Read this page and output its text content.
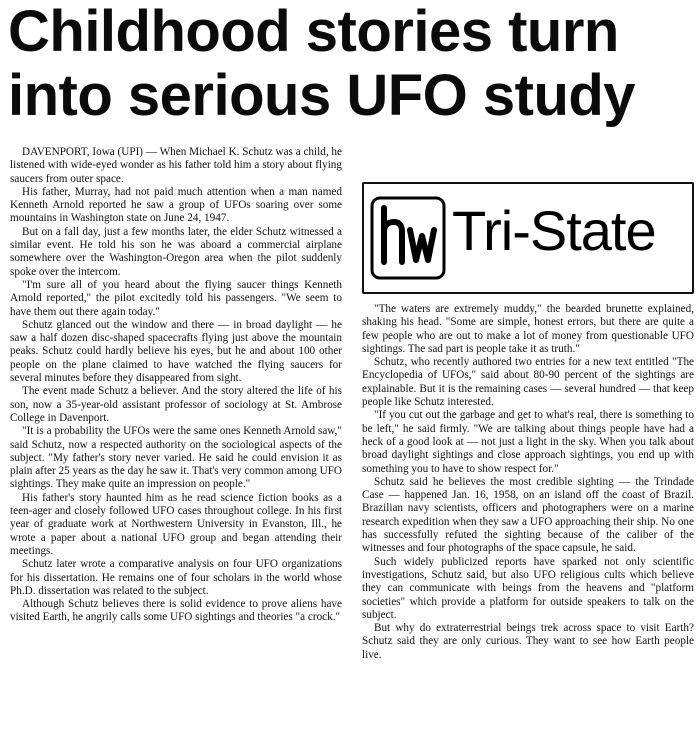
Childhood stories turn
into serious UFO study

DAVENPORT, Iowa (UPI) — When Michael K. Schutz was a child, he listened with wide-eyed wonder as his father told him a story about flying saucers from outer space.

His father, Murray, had not paid much attention when a man named Kenneth Arnold reported he saw a group of UFOs soaring over some mountains in Washington state on June 24, 1947.

But on a fall day, just a few months later, the elder Schutz witnessed a similar event. He told his son he was aboard a commercial airplane somewhere over the Washington-Oregon area when the pilot suddenly spoke over the intercom.

"I'm sure all of you heard about the flying saucer things Kenneth Arnold reported," the pilot excitedly told his passengers. "We seem to have them out there again today."

Schutz glanced out the window and there — in broad daylight — he saw a half dozen disc-shaped spacecrafts flying just above the mountain peaks. Schutz could hardly believe his eyes, but he and about 100 other people on the plane claimed to have watched the flying saucers for several minutes before they disappeared from sight.

The event made Schutz a believer. And the story altered the life of his son, now a 35-year-old assistant professor of sociology at St. Ambrose College in Davenport.

"It is a probability the UFOs were the same ones Kenneth Arnold saw," said Schutz, now a respected authority on the sociological aspects of the subject. "My father's story never varied. He said he could envision it as plain after 25 years as the day he saw it. That's very common among UFO sightings. They make quite an impression on people."

His father's story haunted him as he read science fiction books as a teen-ager and closely followed UFO cases throughout college. In his first year of graduate work at Northwestern University in Evanston, Ill., he wrote a paper about a national UFO group and began attending their meetings.

Schutz later wrote a comparative analysis on four UFO organizations for his dissertation. He remains one of four scholars in the world whose Ph.D. dissertation was related to the subject.

Although Schutz believes there is solid evidence to prove aliens have visited Earth, he angrily calls some UFO sightings and theories "a crock."

Tri-State

"The waters are extremely muddy," the bearded brunette explained, shaking his head. "Some are simple, honest errors, but there are quite a few people who are out to make a lot of money from questionable UFO sightings. The sad part is people take it as truth."

Schutz, who recently authored two entries for a new text entitled "The Encyclopedia of UFOs," said about 80-90 percent of the sightings are explainable. But it is the remaining cases — several hundred — that keep people like Schutz interested.

"If you cut out the garbage and get to what's real, there is something to be left," he said firmly. "We are talking about things people have had a heck of a good look at — not just a light in the sky. When you talk about broad daylight sightings and close approach sightings, you end up with something you to have to show respect for."

Schutz said he believes the most credible sighting — the Trindade Case — happened Jan. 16, 1958, on an island off the coast of Brazil. Brazilian navy scientists, officers and photographers were on a marine research expedition when they saw a UFO approaching their ship. No one has successfully refuted the sighting because of the caliber of the witnesses and four photographs of the space capsule, he said.

Such widely publicized reports have sparked not only scientific investigations, Schutz said, but also UFO religious cults which believe they can communicate with beings from the heavens and "platform societies" which provide a platform for outside speakers to talk on the subject.

But why do extraterrestrial beings trek across space to visit Earth? Schutz said they are only curious. They want to see how Earth people live.
